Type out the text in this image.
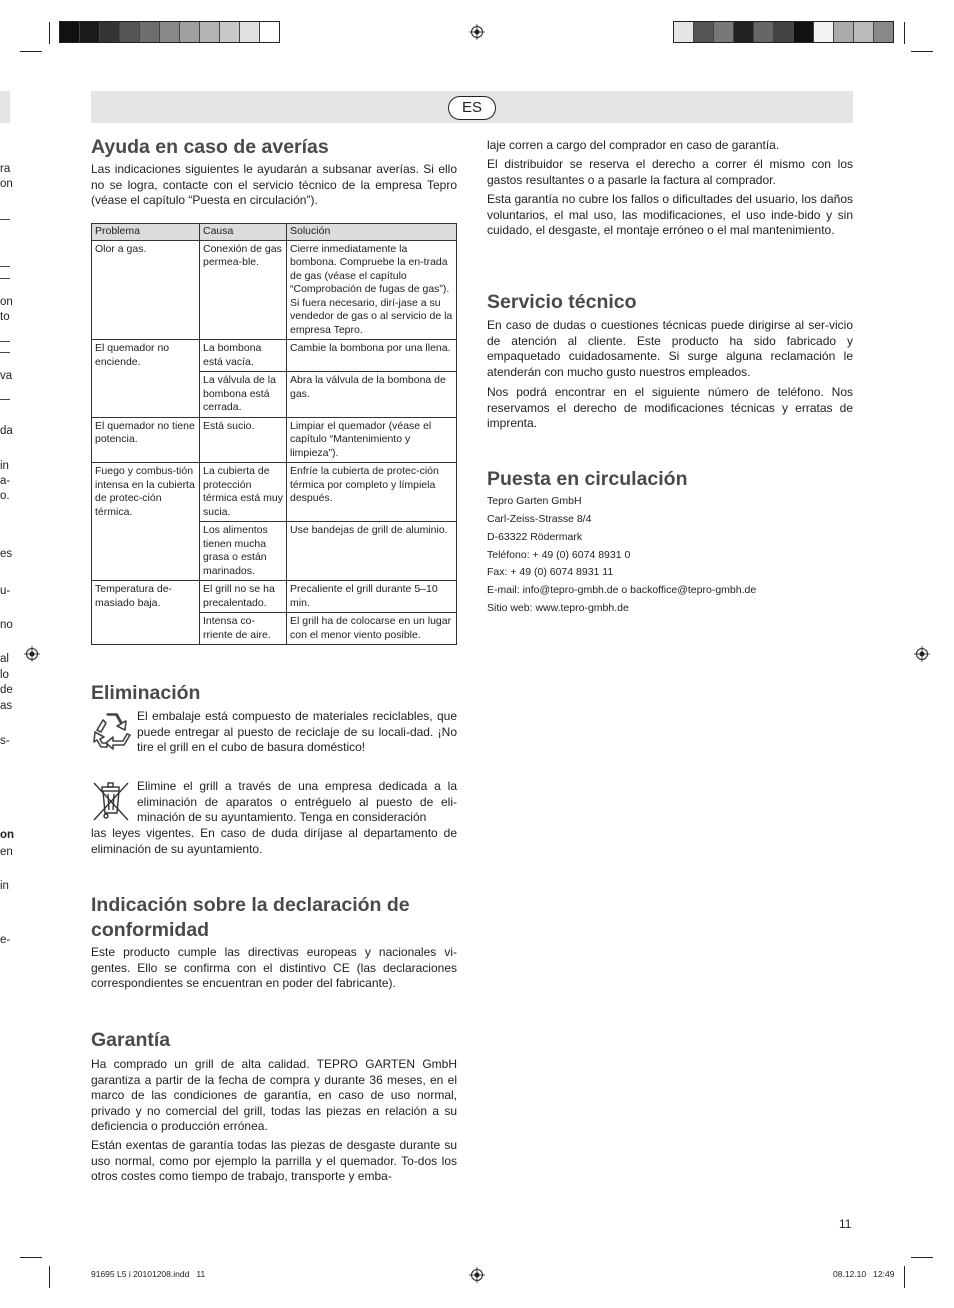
ra
on
on
to
va
da
in
a-
o.
es
u-
no
al
lo
de
as
s-
on
en
in
e-
ES
Ayuda en caso de averías

Las indicaciones siguientes le ayudarán a subsanar averías. Si ello no se logra, contacte con el servicio técnico de la empresa Tepro (véase el capítulo “Puesta en circulación”).

Problema	Causa	Solución
Olor a gas.	Conexión de gas permea-ble.	Cierre inmediatamente la bombona. Compruebe la en-trada de gas (véase el capítulo “Comprobación de fugas de gas”). Si fuera necesario, dirí-jase a su vendedor de gas o al servicio de la empresa Tepro.
El quemador no enciende.	La bombona está vacía.	Cambie la bombona por una llena.
	La válvula de la bombona está cerrada.	Abra la válvula de la bombona de gas.
El quemador no tiene potencia.	Está sucio.	Limpiar el quemador (véase el capítulo “Mantenimiento y limpieza”).
Fuego y combus-tión intensa en la cubierta de protec-ción térmica.	La cubierta de protección térmica está muy sucia.	Enfríe la cubierta de protec-ción térmica por completo y límpiela después.
	Los alimentos tienen mucha grasa o están marinados.	Use bandejas de grill de aluminio.
Temperatura de-masiado baja.	El grill no se ha precalentado.	Precaliente el grill durante 5–10 min.
	Intensa co-rriente de aire.	El grill ha de colocarse en un lugar con el menor viento posible.
Eliminación

El embalaje está compuesto de materiales reciclables, que puede entregar al puesto de reciclaje de su locali-dad. ¡No tire el grill en el cubo de basura doméstico!

Elimine el grill a través de una empresa dedicada a la eliminación de aparatos o entréguelo al puesto de eli-minación de su ayuntamiento. Tenga en consideración

las leyes vigentes. En caso de duda diríjase al departamento de eliminación de su ayuntamiento.

Indicación sobre la declaración de conformidad

Este producto cumple las directivas europeas y nacionales vi-gentes. Ello se confirma con el distintivo CE (las declaraciones correspondientes se encuentran en poder del fabricante).

Garantía

Ha comprado un grill de alta calidad. TEPRO GARTEN GmbH garantiza a partir de la fecha de compra y durante 36 meses, en el marco de las condiciones de garantía, en caso de uso normal, privado y no comercial del grill, todas las piezas en relación a su deficiencia o producción errónea.

Están exentas de garantía todas las piezas de desgaste durante su uso normal, como por ejemplo la parrilla y el quemador. To-dos los otros costes como tiempo de trabajo, transporte y emba-

laje corren a cargo del comprador en caso de garantía.

El distribuidor se reserva el derecho a correr él mismo con los gastos resultantes o a pasarle la factura al comprador.

Esta garantía no cubre los fallos o dificultades del usuario, los daños voluntarios, el mal uso, las modificaciones, el uso inde-bido y sin cuidado, el desgaste, el montaje erróneo o el mal mantenimiento.

Servicio técnico

En caso de dudas o cuestiones técnicas puede dirigirse al ser-vicio de atención al cliente. Este producto ha sido fabricado y empaquetado cuidadosamente. Si surge alguna reclamación le atenderán con mucho gusto nuestros empleados.

Nos podrá encontrar en el siguiente número de teléfono. Nos reservamos el derecho de modificaciones técnicas y erratas de imprenta.

Puesta en circulación
Tepro Garten GmbH
Carl-Zeiss-Strasse 8/4
D-63322 Rödermark
Teléfono: + 49 (0) 6074 8931 0
Fax: + 49 (0) 6074 8931 11
E-mail: info@tepro-gmbh.de o backoffice@tepro-gmbh.de
Sitio web: www.tepro-gmbh.de
11
91695 L5 i 20101208.indd   11	08.12.10   12:49
